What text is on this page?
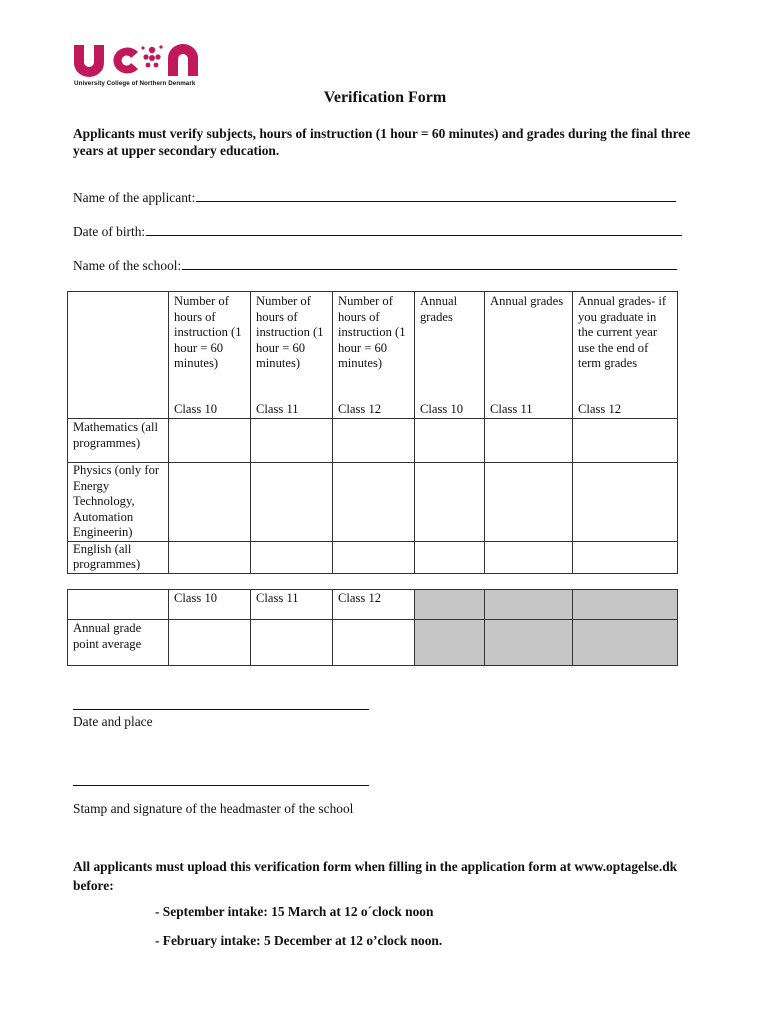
University College of Northern Denmark
Verification Form
Applicants must verify subjects, hours of instruction (1 hour = 60 minutes) and grades during the final three years at upper secondary education.
Name of the applicant:
Date of birth:
Name of the school:
	Number of hours of instruction (1 hour = 60 minutes)	Number of hours of instruction (1 hour = 60 minutes)	Number of hours of instruction (1 hour = 60 minutes)	Annual grades	Annual grades	Annual grades- if you graduate in the current year use the end of term grades
	Class 10	Class 11	Class 12	Class 10	Class 11	Class 12
Mathematics (all programmes)						
Physics (only for Energy Technology, Automation Engineerin)						
English (all programmes)						
	Class 10	Class 11	Class 12			
Annual grade point average						
Date and place
Stamp and signature of the headmaster of the school
All applicants must upload this verification form when filling in the application form at www.optagelse.dk before:
- September intake: 15 March at 12 o´clock noon
- February intake: 5 December at 12 o’clock noon.
